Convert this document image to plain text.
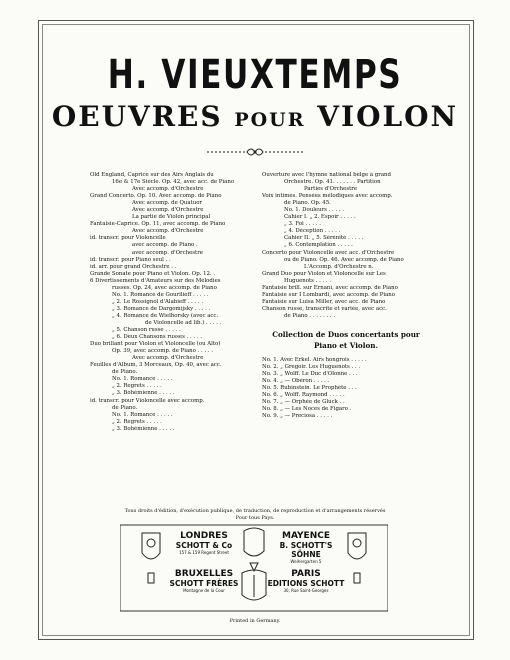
H. VIEUXTEMPS
OEUVRES POUR VIOLON
Old England, Caprice sur des Airs Anglais du
16e & 17e Siècle. Op. 42, avec acc. de Piano
Avec accomp. d'Orchestre
Grand Concerto. Op. 10. Avec accomp. de Piano
Avec accomp. de Quatuor
Avec accomp. d'Orchestre
La partie de Violon principal
Fantaisie-Caprice. Op. 11, avec accomp. de Piano
Avec accomp. d'Orchestre
id. transcr. pour Violoncelle
avec accomp. de Piano .
avec accomp. d'Orchestre
id. transcr. pour Piano seul . .
id. arr. pour grand Orchestre . .
Grande Sonate pour Piano et Violon. Op. 12. .
6 Divertissements d'Amateurs sur des Mélodies
russes. Op. 24, avec accomp. de Piano
No. 1. Romance de Gourilieff . . . . .
„ 2. Le Rossignol d'Alabieff . . . . .
„ 3. Romance de Dargomijsky . . . . .
„ 4. Romance de Wielhorsky (avec acc.
de Violoncelle ad lib.) . . . . .
„ 5. Chanson russe . . . . .
„ 6. Deux Chansons russes . . . . .
Duo brillant pour Violon et Violoncelle (ou Alto)
Op. 39, avec accomp. de Piano . . . . .
Avec accomp. d'Orchestre
Feuilles d'Album, 3 Morceaux, Op. 40, avec acc.
de Piano.
No. 1. Romance . . . . .
„ 2. Regrets . . . . .
„ 3. Bohémienne . . . . .
id. transcr. pour Violoncelle avec accomp.
de Piano.
No. 1. Romance . . . . .
„ 2. Regrets . . . . .
„ 3. Bohémienne . . . . .
Ouverture avec l'hymne national belge à grand
Orchestre. Op. 41. . . . . . . Partition
Parties d'Orchestre
Voix intimes. Pensées mélodiques avec accomp.
de Piano. Op. 45.
No. 1. Douleurs . . . . .
Cahier I. „ 2. Espoir . . . . .
„ 3. Foi . . . . .
„ 4. Déception . . . . .
Cahier II. „ 5. Sérénité . . . . .
„ 6. Contemplation . . . . .
Concerto pour Violoncelle avec acc. d'Orchestre
ou de Piano. Op. 46. Avec accomp. de Piano
L'Accomp. d'Orchestre n.
Grand Duo pour Violon et Violoncelle sur Les
Huguenots . . . . .
Fantaisie brill. sur Ernani, avec accomp. de Piano
Fantaisie sur I Lombardi, avec accomp. de Piano
Fantaisie sur Luisa Miller, avec acc. de Piano
Chanson russe, transcrite et variée, avec acc.
de Piano . . . . . . . .
Collection de Duos concertants pour
Piano et Violon.
No. 1. Avec Erkel. Airs hongrois . . . . .
No. 2. „ Gregoir. Les Huguenots . . .
No. 3. „ Wolff. Le Duc d'Olonne . . .
No. 4. „ — Obéron . . . . .
No. 5. Rubinstein. Le Prophète . . .
No. 6. „ Wolff. Raymond . . . . .
No. 7. „ — Orphée de Gluck . .
No. 8. „ — Les Noces de Figaro .
No. 9. „ — Preciosa . . . . .
Tous droits d'édition, d'exécution publique, de traduction, de reproduction et d'arrangements réservés
Pour tous Pays.
LONDRES
SCHOTT & Co
157 & 159 Regent Street
MAYENCE
B. SCHOTT'S SÖHNE
Weihergarten 5
BRUXELLES
SCHOTT FRÈRES
Montagne de la Cour
PARIS
EDITIONS SCHOTT
30, Rue Saint-Georges
Printed in Germany.
